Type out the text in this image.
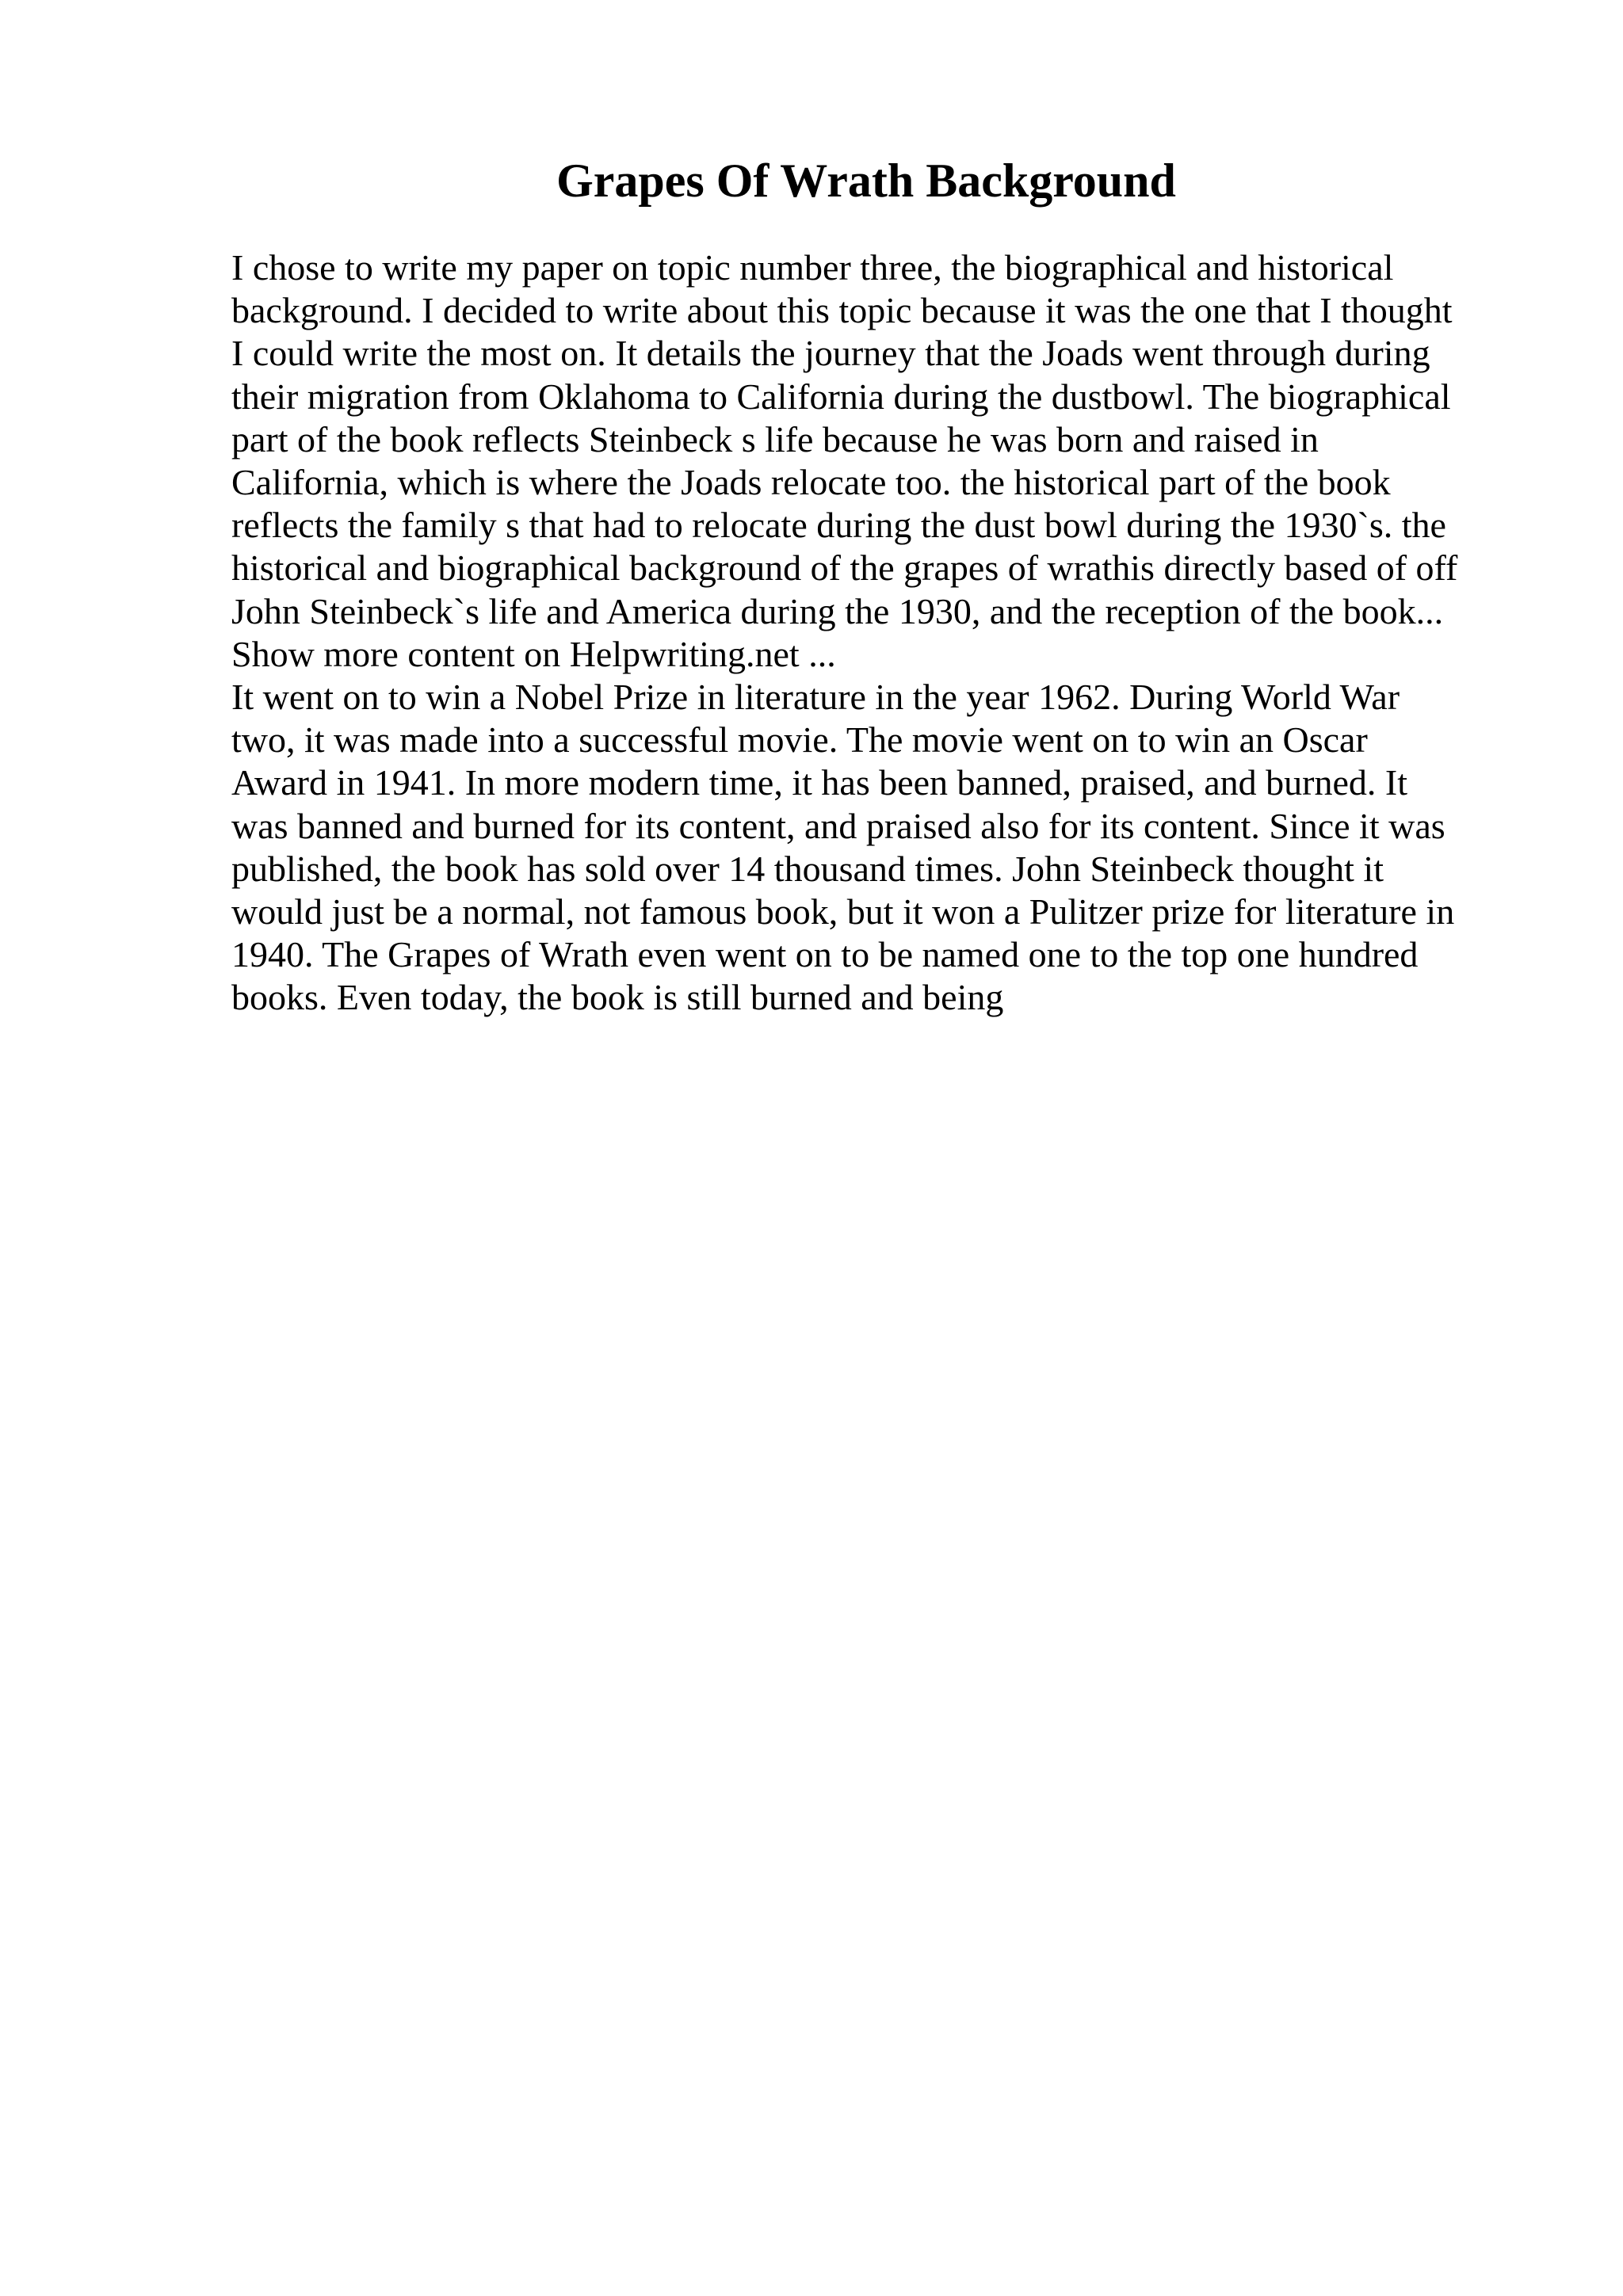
Grapes Of Wrath Background
I chose to write my paper on topic number three, the biographical and historical
background. I decided to write about this topic because it was the one that I thought
I could write the most on. It details the journey that the Joads went through during
their migration from Oklahoma to California during the dustbowl. The biographical
part of the book reflects Steinbeck s life because he was born and raised in
California, which is where the Joads relocate too. the historical part of the book
reflects the family s that had to relocate during the dust bowl during the 1930`s. the
historical and biographical background of the grapes of wrathis directly based of off
John Steinbeck`s life and America during the 1930, and the reception of the book...
Show more content on Helpwriting.net ...
It went on to win a Nobel Prize in literature in the year 1962. During World War
two, it was made into a successful movie. The movie went on to win an Oscar
Award in 1941. In more modern time, it has been banned, praised, and burned. It
was banned and burned for its content, and praised also for its content. Since it was
published, the book has sold over 14 thousand times. John Steinbeck thought it
would just be a normal, not famous book, but it won a Pulitzer prize for literature in
1940. The Grapes of Wrath even went on to be named one to the top one hundred
books. Even today, the book is still burned and being
